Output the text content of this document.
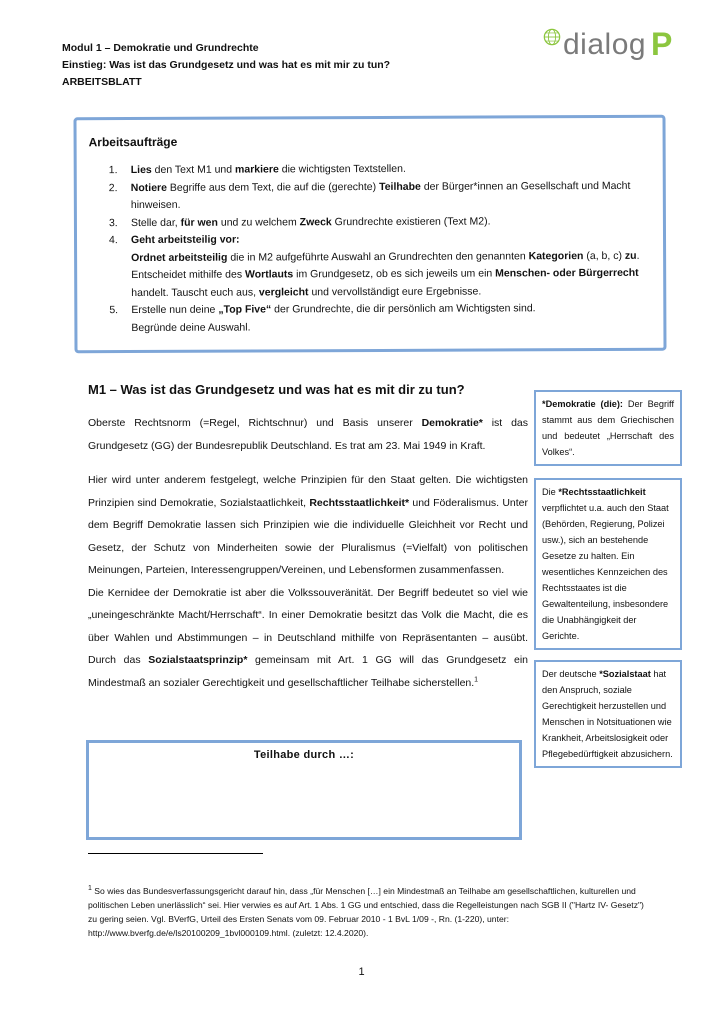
Modul 1 – Demokratie und Grundrechte
Einstieg: Was ist das Grundgesetz und was hat es mit mir zu tun?
ARBEITSBLATT
dialog P
Arbeitsaufträge
1. Lies den Text M1 und markiere die wichtigsten Textstellen.
2. Notiere Begriffe aus dem Text, die auf die (gerechte) Teilhabe der Bürger*innen an Gesellschaft und Macht hinweisen.
3. Stelle dar, für wen und zu welchem Zweck Grundrechte existieren (Text M2).
4. Geht arbeitsteilig vor:
Ordnet arbeitsteilig die in M2 aufgeführte Auswahl an Grundrechten den genannten Kategorien (a, b, c) zu. Entscheidet mithilfe des Wortlauts im Grundgesetz, ob es sich jeweils um ein Menschen- oder Bürgerrecht handelt. Tauscht euch aus, vergleicht und vervollständigt eure Ergebnisse.
5. Erstelle nun deine „Top Five“ der Grundrechte, die dir persönlich am Wichtigsten sind.
Begründe deine Auswahl.
M1 – Was ist das Grundgesetz und was hat es mit dir zu tun?

Oberste Rechtsnorm (=Regel, Richtschnur) und Basis unserer Demokratie* ist das Grundgesetz (GG) der Bundesrepublik Deutschland. Es trat am 23. Mai 1949 in Kraft.

Hier wird unter anderem festgelegt, welche Prinzipien für den Staat gelten. Die wichtigsten Prinzipien sind Demokratie, Sozialstaatlichkeit, Rechtsstaatlichkeit* und Föderalismus. Unter dem Begriff Demokratie lassen sich Prinzipien wie die individuelle Gleichheit vor Recht und Gesetz, der Schutz von Minderheiten sowie der Pluralismus (=Vielfalt) von politischen Meinungen, Parteien, Interessengruppen/Vereinen, und Lebensformen zusammenfassen.
Die Kernidee der Demokratie ist aber die Volkssouveränität. Der Begriff bedeutet so viel wie „uneingeschränkte Macht/Herrschaft“. In einer Demokratie besitzt das Volk die Macht, die es über Wahlen und Abstimmungen – in Deutschland mithilfe von Repräsentanten – ausübt. Durch das Sozialstaatsprinzip* gemeinsam mit Art. 1 GG will das Grundgesetz ein Mindestmaß an sozialer Gerechtigkeit und gesellschaftlicher Teilhabe sicherstellen.$^1$

*Demokratie (die): Der Begriff stammt aus dem Griechischen und bedeutet „Herrschaft des Volkes“.
Die *Rechtsstaatlichkeit verpflichtet u.a. auch den Staat (Behörden, Regierung, Polizei usw.), sich an bestehende Gesetze zu halten. Ein wesentliches Kennzeichen des Rechtsstaates ist die Gewaltenteilung, insbesondere die Unabhängigkeit der Gerichte.
Der deutsche *Sozialstaat hat den Anspruch, soziale Gerechtigkeit herzustellen und Menschen in Notsituationen wie Krankheit, Arbeitslosigkeit oder Pflegebedürftigkeit abzusichern.
Teilhabe durch …:

$^1$ So wies das Bundesverfassungsgericht darauf hin, dass „für Menschen […] ein Mindestmaß an Teilhabe am gesellschaftlichen, kulturellen und politischen Leben unerlässlich“ sei. Hier verwies es auf Art. 1 Abs. 1 GG und entschied, dass die Regelleistungen nach SGB II ("Hartz IV- Gesetz") zu gering seien. Vgl. BVerfG, Urteil des Ersten Senats vom 09. Februar 2010 - 1 BvL 1/09 -, Rn. (1-220), unter: http://www.bverfg.de/e/ls20100209_1bvl000109.html. (zuletzt: 12.4.2020).

1
